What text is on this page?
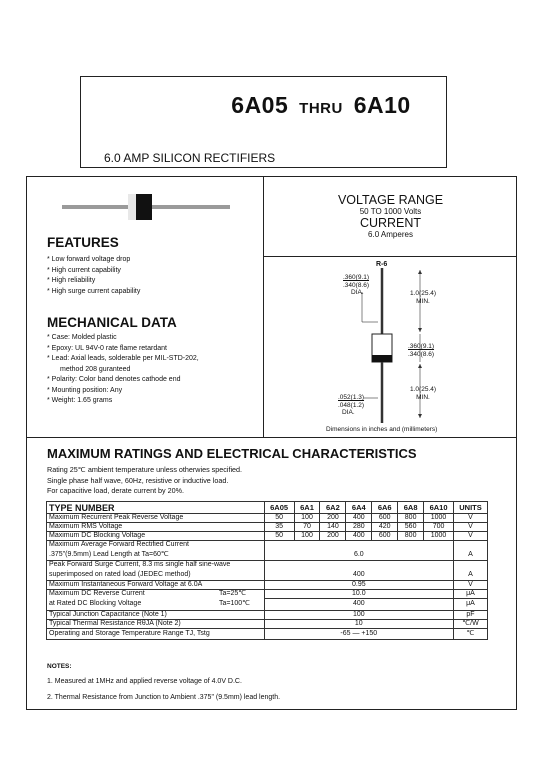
6A05 THRU 6A10
6.0 AMP SILICON RECTIFIERS
FEATURES
* Low forward voltage drop
* High current capability
* High reliability
* High surge current capability
MECHANICAL DATA
* Case: Molded plastic
* Epoxy: UL 94V-0 rate flame retardant
* Lead: Axial leads, solderable per MIL-STD-202,
method 208 guranteed
* Polarity: Color band denotes cathode end
* Mounting position: Any
* Weight: 1.65 grams
VOLTAGE RANGE
50 TO 1000 Volts
CURRENT
6.0 Amperes
R-6
.360(9.1)
.340(8.6)
DIA.	1.0(25.4)
MIN.
.360(9.1)
.340(8.6)
1.0(25.4)
MIN.
.052(1.3)
.048(1.2)
DIA.
Dimensions in inches and (millimeters)
MAXIMUM RATINGS AND ELECTRICAL CHARACTERISTICS
Rating 25℃ ambient temperature unless otherwies specified.
Single phase half wave, 60Hz, resistive or inductive load.
For capacitive load, derate current by 20%.
TYPE NUMBER	6A05	6A1	6A2	6A4	6A6	6A8	6A10	UNITS
Maximum Recurrent Peak Reverse Voltage	50	100	200	400	600	800	1000	V
Maximum RMS Voltage	35	70	140	280	420	560	700	V
Maximum DC Blocking Voltage	50	100	200	400	600	800	1000	V
Maximum Average Forward Rectified Current								
.375"(9.5mm) Lead Length at Ta=60℃	6.0							A
Peak Forward Surge Current, 8.3 ms single half sine-wave								
superimposed on rated load (JEDEC method)	400							A
Maximum Instantaneous Forward Voltage at 6.0A	0.95							V
Maximum DC Reverse Current Ta=25℃	10.0							μA
at Rated DC Blocking Voltage Ta=100℃	400							μA
Typical Junction Capacitance (Note 1)	100							pF
Typical Thermal Resistance RθJA (Note 2)	10							℃/W
Operating and Storage Temperature Range TJ, Tstg	-65 — +150							℃
NOTES:
1. Measured at 1MHz and applied reverse voltage of 4.0V D.C.
2. Thermal Resistance from Junction to Ambient .375" (9.5mm) lead length.
